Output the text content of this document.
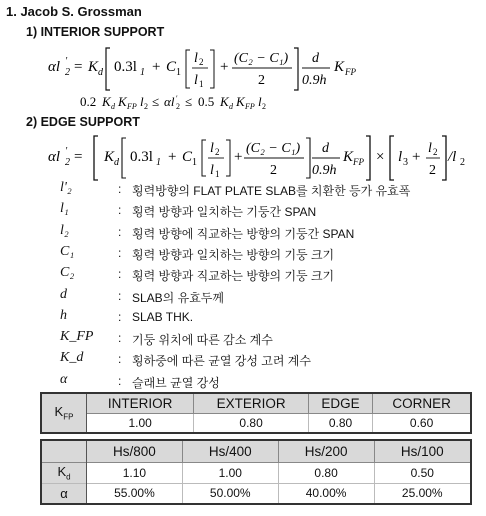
1. Jacob S. Grossman
1) INTERIOR SUPPORT
αl ′
2 = K d 0.3l 1 + C 1
l 2
l 1
+
(C₂ − C₁)
2
d
0.9h
K FP
0.2 K d K FP l 2 ≤ αl ′
2 ≤ 0.5 K d K FP l 2
2) EDGE SUPPORT
αl ′
2 = K d 0.3l 1 + C 1
l 2
l 1
+
(C₂ − C₁)
2
d
0.9h
K FP × l 3 +
l 2
2
/l 2
l'₂	: 횡력방향의 FLAT PLATE SLAB를 치환한 등가 유효폭
l₁	: 횡력 방향과 일치하는 기둥간 SPAN
l₂	: 횡력 방향에 직교하는 방향의 기둥간 SPAN
C₁	: 횡력 방향과 일치하는 방향의 기둥 크기
C₂	: 횡력 방향과 직교하는 방향의 기둥 크기
d	: SLAB의 유효두께
h	: SLAB THK.
K_FP	: 기둥 위치에 따른 감소 계수
K_d	: 횡하중에 따른 균열 강성 고려 계수
α	: 슬래브 균열 강성
$K_{FP}$	INTERIOR	EXTERIOR	EDGE	CORNER
	1.00	0.80	0.80	0.60
	Hs/800	Hs/400	Hs/200	Hs/100
$K_d$	1.10	1.00	0.80	0.50
α	55.00%	50.00%	40.00%	25.00%
